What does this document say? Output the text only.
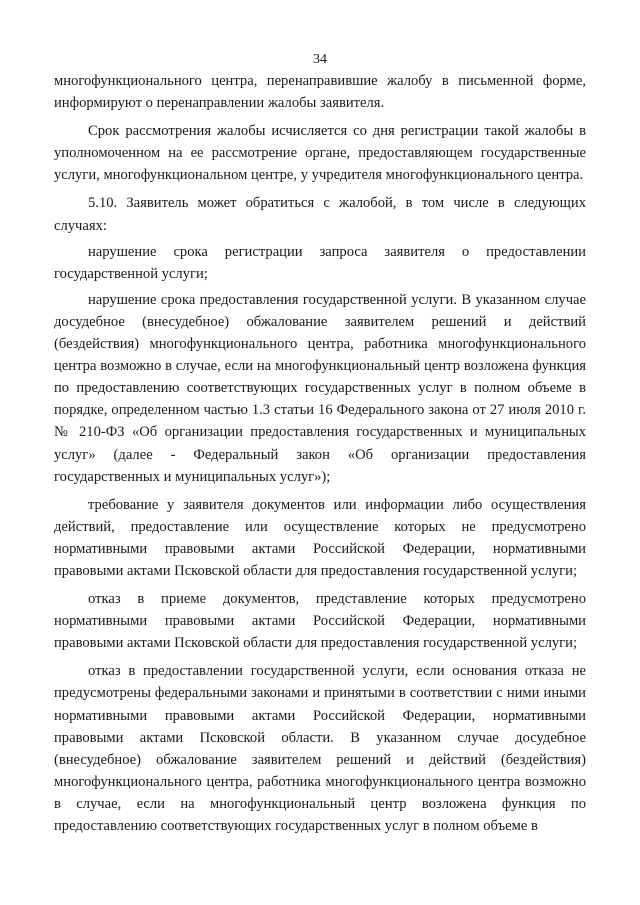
34

многофункционального центра, перенаправившие жалобу в письменной форме, информируют о перенаправлении жалобы заявителя.

Срок рассмотрения жалобы исчисляется со дня регистрации такой жалобы в уполномоченном на ее рассмотрение органе, предоставляющем государственные услуги, многофункциональном центре, у учредителя многофункционального центра.

5.10. Заявитель может обратиться с жалобой, в том числе в следующих случаях:

нарушение срока регистрации запроса заявителя о предоставлении государственной услуги;

нарушение срока предоставления государственной услуги. В указанном случае досудебное (внесудебное) обжалование заявителем решений и действий (бездействия) многофункционального центра, работника многофункционального центра возможно в случае, если на многофункциональный центр возложена функция по предоставлению соответствующих государственных услуг в полном объеме в порядке, определенном частью 1.3 статьи 16 Федерального закона от 27 июля 2010 г. № 210-ФЗ «Об организации предоставления государственных и муниципальных услуг» (далее - Федеральный закон «Об организации предоставления государственных и муниципальных услуг»);

требование у заявителя документов или информации либо осуществления действий, предоставление или осуществление которых не предусмотрено нормативными правовыми актами Российской Федерации, нормативными правовыми актами Псковской области для предоставления государственной услуги;

отказ в приеме документов, представление которых предусмотрено нормативными правовыми актами Российской Федерации, нормативными правовыми актами Псковской области для предоставления государственной услуги;

отказ в предоставлении государственной услуги, если основания отказа не предусмотрены федеральными законами и принятыми в соответствии с ними иными нормативными правовыми актами Российской Федерации, нормативными правовыми актами Псковской области. В указанном случае досудебное (внесудебное) обжалование заявителем решений и действий (бездействия) многофункционального центра, работника многофункционального центра возможно в случае, если на многофункциональный центр возложена функция по предоставлению соответствующих государственных услуг в полном объеме в
